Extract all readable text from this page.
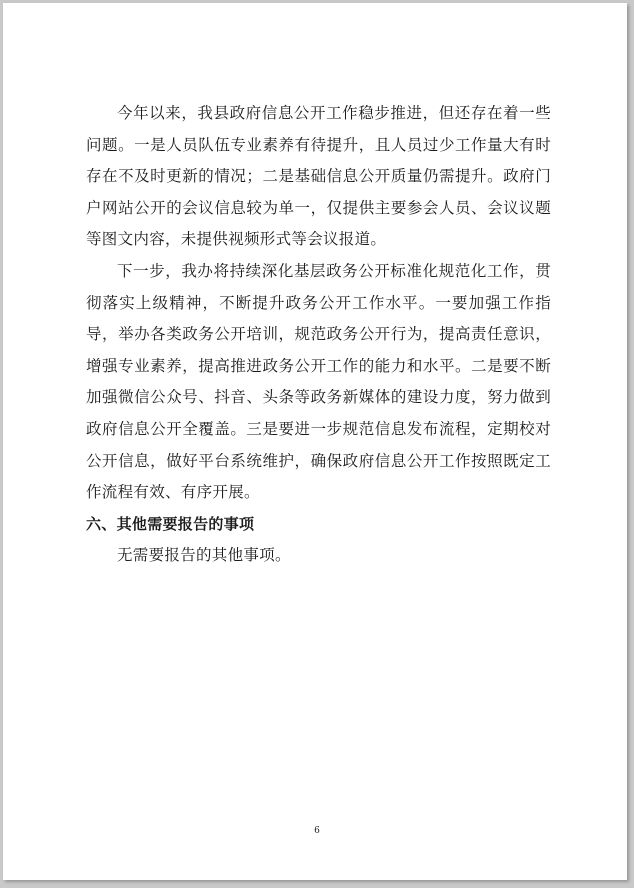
今年以来，我县政府信息公开工作稳步推进，但还存在着一些问题。一是人员队伍专业素养有待提升，且人员过少工作量大有时存在不及时更新的情况；二是基础信息公开质量仍需提升。政府门户网站公开的会议信息较为单一，仅提供主要参会人员、会议议题等图文内容，未提供视频形式等会议报道。

下一步，我办将持续深化基层政务公开标准化规范化工作，贯彻落实上级精神，不断提升政务公开工作水平。一要加强工作指导，举办各类政务公开培训，规范政务公开行为，提高责任意识，增强专业素养，提高推进政务公开工作的能力和水平。二是要不断加强微信公众号、抖音、头条等政务新媒体的建设力度，努力做到政府信息公开全覆盖。三是要进一步规范信息发布流程，定期校对公开信息，做好平台系统维护，确保政府信息公开工作按照既定工作流程有效、有序开展。

六、其他需要报告的事项

无需要报告的其他事项。

6
